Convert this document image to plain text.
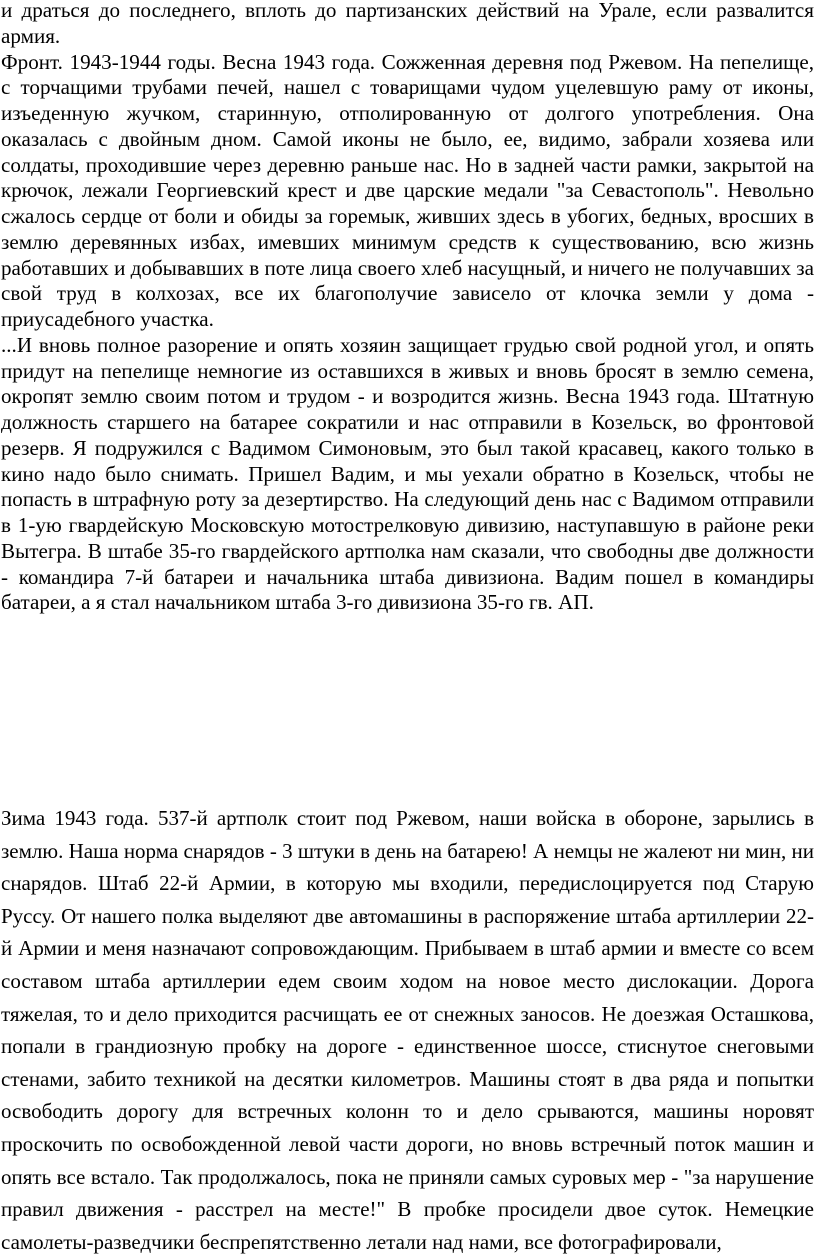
и драться до последнего, вплоть до партизанских действий на Урале, если развалится армия.

Фронт. 1943-1944 годы. Весна 1943 года. Сожженная деревня под Ржевом. На пепелище, с торчащими трубами печей, нашел с товарищами чудом уцелевшую раму от иконы, изъеденную жучком, старинную, отполированную от долгого употребления. Она оказалась с двойным дном. Самой иконы не было, ее, видимо, забрали хозяева или солдаты, проходившие через деревню раньше нас. Но в задней части рамки, закрытой на крючок, лежали Георгиевский крест и две царские медали "за Севастополь". Невольно сжалось сердце от боли и обиды за горемык, живших здесь в убогих, бедных, вросших в землю деревянных избах, имевших минимум средств к существованию, всю жизнь работавших и добывавших в поте лица своего хлеб насущный, и ничего не получавших за свой труд в колхозах, все их благополучие зависело от клочка земли у дома - приусадебного участка.

...И вновь полное разорение и опять хозяин защищает грудью свой родной угол, и опять придут на пепелище немногие из оставшихся в живых и вновь бросят в землю семена, окропят землю своим потом и трудом - и возродится жизнь. Весна 1943 года. Штатную должность старшего на батарее сократили и нас отправили в Козельск, во фронтовой резерв. Я подружился с Вадимом Симоновым, это был такой красавец, какого только в кино надо было снимать. Пришел Вадим, и мы уехали обратно в Козельск, чтобы не попасть в штрафную роту за дезертирство. На следующий день нас с Вадимом отправили в 1-ую гвардейскую Московскую мотострелковую дивизию, наступавшую в районе реки Вытегра. В штабе 35-го гвардейского артполка нам сказали, что свободны две должности - командира 7-й батареи и начальника штаба дивизиона. Вадим пошел в командиры батареи, а я стал начальником штаба 3-го дивизиона 35-го гв. АП.

Зима 1943 года. 537-й артполк стоит под Ржевом, наши войска в обороне, зарылись в землю. Наша норма снарядов - 3 штуки в день на батарею! А немцы не жалеют ни мин, ни снарядов. Штаб 22-й Армии, в которую мы входили, передислоцируется под Старую Руссу. От нашего полка выделяют две автомашины в распоряжение штаба артиллерии 22-й Армии и меня назначают сопровождающим. Прибываем в штаб армии и вместе со всем составом штаба артиллерии едем своим ходом на новое место дислокации. Дорога тяжелая, то и дело приходится расчищать ее от снежных заносов. Не доезжая Осташкова, попали в грандиозную пробку на дороге - единственное шоссе, стиснутое снеговыми стенами, забито техникой на десятки километров. Машины стоят в два ряда и попытки освободить дорогу для встречных колонн то и дело срываются, машины норовят проскочить по освобожденной левой части дороги, но вновь встречный поток машин и опять все встало. Так продолжалось, пока не приняли самых суровых мер - "за нарушение правил движения - расстрел на месте!" В пробке просидели двое суток. Немецкие самолеты-разведчики беспрепятственно летали над нами, все фотографировали,
